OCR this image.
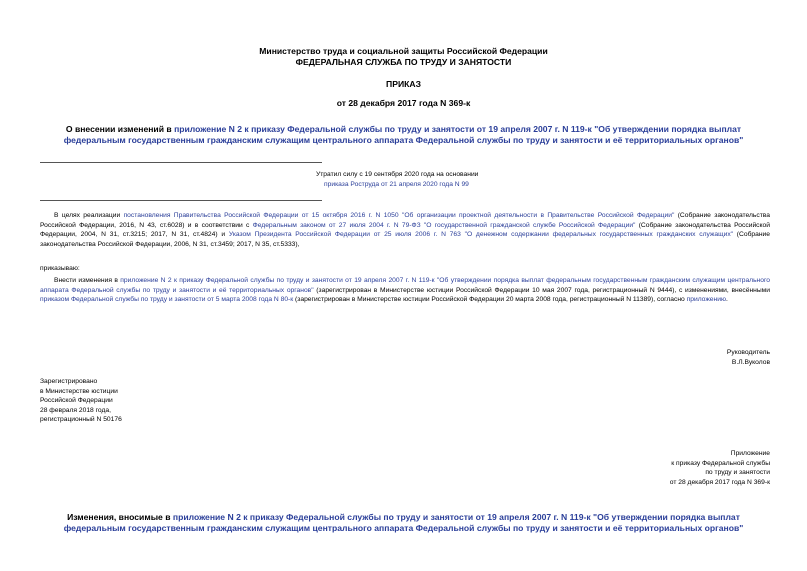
Министерство труда и социальной защиты Российской Федерации
ФЕДЕРАЛЬНАЯ СЛУЖБА ПО ТРУДУ И ЗАНЯТОСТИ
ПРИКАЗ
от 28 декабря 2017 года N 369-к
О внесении изменений в приложение N 2 к приказу Федеральной службы по труду и занятости от 19 апреля 2007 г. N 119-к "Об утверждении порядка выплат федеральным государственным гражданским служащим центрального аппарата Федеральной службы по труду и занятости и её территориальных органов"
Утратил силу с 19 сентября 2020 года на основании
приказа Роструда от 21 апреля 2020 года N 99
В целях реализации постановления Правительства Российской Федерации от 15 октября 2016 г. N 1050 "Об организации проектной деятельности в Правительстве Российской Федерации" (Собрание законодательства Российской Федерации, 2016, N 43, ст.6028) и в соответствии с Федеральным законом от 27 июля 2004 г. N 79-ФЗ "О государственной гражданской службе Российской Федерации" (Собрание законодательства Российской Федерации, 2004, N 31, ст.3215; 2017, N 31, ст.4824) и Указом Президента Российской Федерации от 25 июля 2006 г. N 763 "О денежном содержании федеральных государственных гражданских служащих" (Собрание законодательства Российской Федерации, 2006, N 31, ст.3459; 2017, N 35, ст.5333),
приказываю:
Внести изменения в приложение N 2 к приказу Федеральной службы по труду и занятости от 19 апреля 2007 г. N 119-к "Об утверждении порядка выплат федеральным государственным гражданским служащим центрального аппарата Федеральной службы по труду и занятости и её территориальных органов" (зарегистрирован в Министерстве юстиции Российской Федерации 10 мая 2007 года, регистрационный N 9444), с изменениями, внесёнными приказом Федеральной службы по труду и занятости от 5 марта 2008 года N 80-к (зарегистрирован в Министерстве юстиции Российской Федерации 20 марта 2008 года, регистрационный N 11389), согласно приложению.
Руководитель
В.Л.Вуколов
Зарегистрировано
в Министерстве юстиции
Российской Федерации
28 февраля 2018 года,
регистрационный N 50176
Приложение
к приказу Федеральной службы
по труду и занятости
от 28 декабря 2017 года N 369-к
Изменения, вносимые в приложение N 2 к приказу Федеральной службы по труду и занятости от 19 апреля 2007 г. N 119-к "Об утверждении порядка выплат федеральным государственным гражданским служащим центрального аппарата Федеральной службы по труду и занятости и её территориальных органов"
